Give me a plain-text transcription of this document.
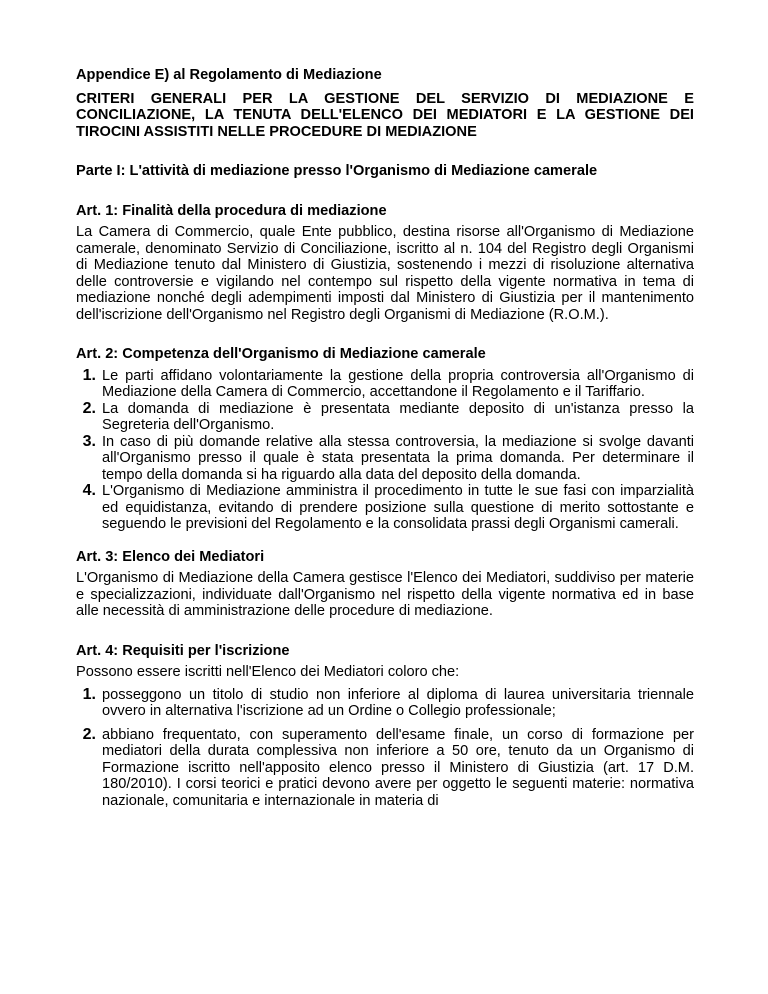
Appendice E) al Regolamento di Mediazione

CRITERI GENERALI PER LA GESTIONE DEL SERVIZIO DI MEDIAZIONE E CONCILIAZIONE, LA TENUTA DELL'ELENCO DEI MEDIATORI E LA GESTIONE DEI TIROCINI ASSISTITI NELLE PROCEDURE DI MEDIAZIONE

Parte I: L'attività di mediazione presso l'Organismo di Mediazione camerale

Art. 1: Finalità della procedura di mediazione

La Camera di Commercio, quale Ente pubblico, destina risorse all'Organismo di Mediazione camerale, denominato Servizio di Conciliazione, iscritto al n. 104 del Registro degli Organismi di Mediazione tenuto dal Ministero di Giustizia, sostenendo i mezzi di risoluzione alternativa delle controversie e vigilando nel contempo sul rispetto della vigente normativa in tema di mediazione nonché degli adempimenti imposti dal Ministero di Giustizia per il mantenimento dell'iscrizione dell'Organismo nel Registro degli Organismi di Mediazione (R.O.M.).

Art. 2: Competenza dell'Organismo di Mediazione camerale

1. Le parti affidano volontariamente la gestione della propria controversia all'Organismo di Mediazione della Camera di Commercio, accettandone il Regolamento e il Tariffario.
2. La domanda di mediazione è presentata mediante deposito di un'istanza presso la Segreteria dell'Organismo.
3. In caso di più domande relative alla stessa controversia, la mediazione si svolge davanti all'Organismo presso il quale è stata presentata la prima domanda. Per determinare il tempo della domanda si ha riguardo alla data del deposito della domanda.
4. L'Organismo di Mediazione amministra il procedimento in tutte le sue fasi con imparzialità ed equidistanza, evitando di prendere posizione sulla questione di merito sottostante e seguendo le previsioni del Regolamento e la consolidata prassi degli Organismi camerali.

Art. 3: Elenco dei Mediatori

L'Organismo di Mediazione della Camera gestisce l'Elenco dei Mediatori, suddiviso per materie e specializzazioni, individuate dall'Organismo nel rispetto della vigente normativa ed in base alle necessità di amministrazione delle procedure di mediazione.

Art. 4: Requisiti per l'iscrizione

Possono essere iscritti nell'Elenco dei Mediatori coloro che:

1. posseggono un titolo di studio non inferiore al diploma di laurea universitaria triennale ovvero in alternativa l'iscrizione ad un Ordine o Collegio professionale;
2. abbiano frequentato, con superamento dell'esame finale, un corso di formazione per mediatori della durata complessiva non inferiore a 50 ore, tenuto da un Organismo di Formazione iscritto nell'apposito elenco presso il Ministero di Giustizia (art. 17 D.M. 180/2010). I corsi teorici e pratici devono avere per oggetto le seguenti materie: normativa nazionale, comunitaria e internazionale in materia di
